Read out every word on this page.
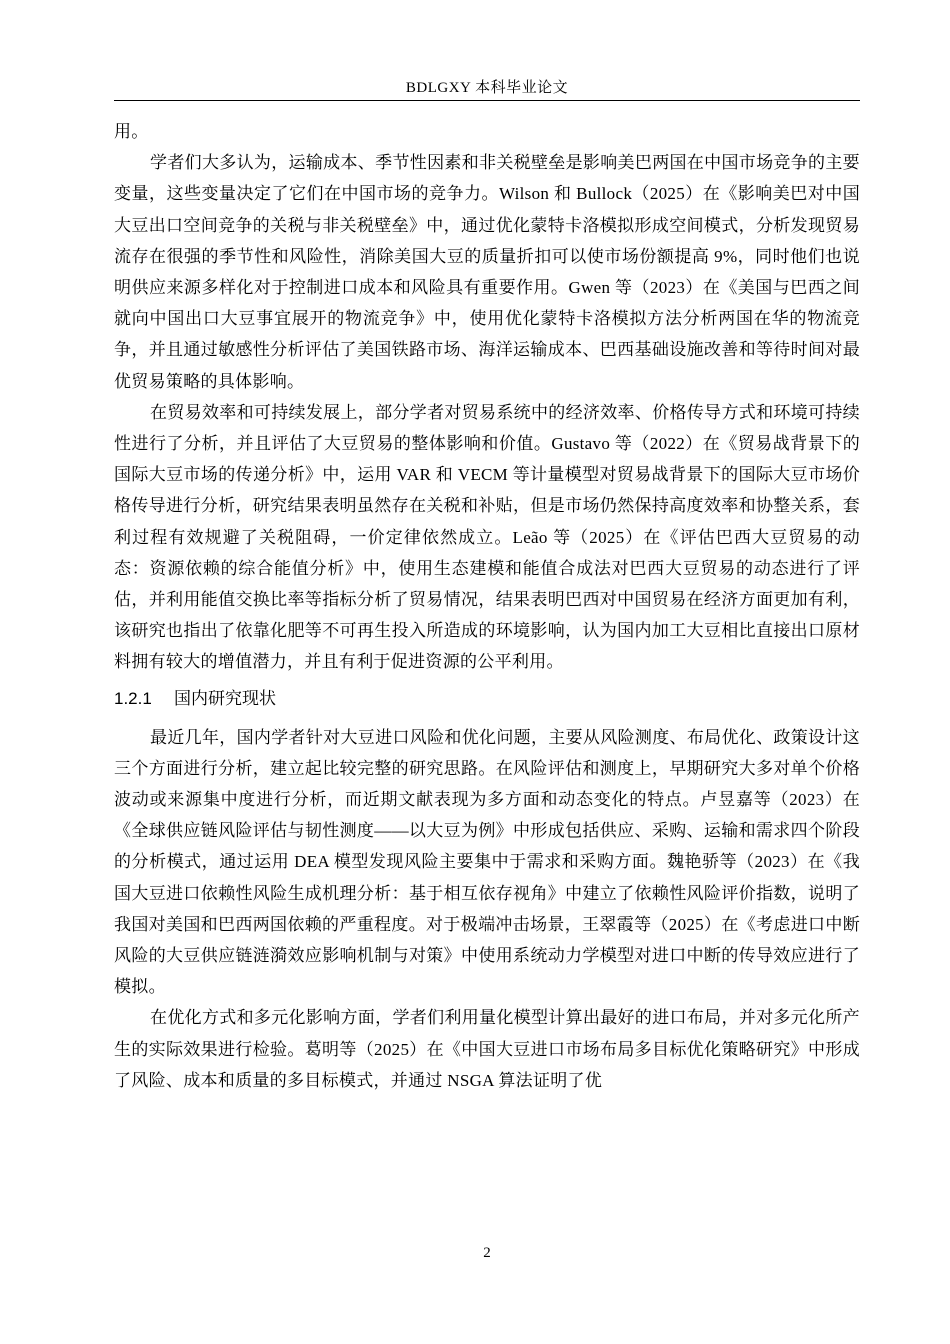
BDLGXY 本科毕业论文

用。

学者们大多认为，运输成本、季节性因素和非关税壁垒是影响美巴两国在中国市场竞争的主要变量，这些变量决定了它们在中国市场的竞争力。Wilson 和 Bullock（2025）在《影响美巴对中国大豆出口空间竞争的关税与非关税壁垒》中，通过优化蒙特卡洛模拟形成空间模式，分析发现贸易流存在很强的季节性和风险性，消除美国大豆的质量折扣可以使市场份额提高 9%，同时他们也说明供应来源多样化对于控制进口成本和风险具有重要作用。Gwen 等（2023）在《美国与巴西之间就向中国出口大豆事宜展开的物流竞争》中，使用优化蒙特卡洛模拟方法分析两国在华的物流竞争，并且通过敏感性分析评估了美国铁路市场、海洋运输成本、巴西基础设施改善和等待时间对最优贸易策略的具体影响。

在贸易效率和可持续发展上，部分学者对贸易系统中的经济效率、价格传导方式和环境可持续性进行了分析，并且评估了大豆贸易的整体影响和价值。Gustavo 等（2022）在《贸易战背景下的国际大豆市场的传递分析》中，运用 VAR 和 VECM 等计量模型对贸易战背景下的国际大豆市场价格传导进行分析，研究结果表明虽然存在关税和补贴，但是市场仍然保持高度效率和协整关系，套利过程有效规避了关税阻碍，一价定律依然成立。Leão 等（2025）在《评估巴西大豆贸易的动态：资源依赖的综合能值分析》中，使用生态建模和能值合成法对巴西大豆贸易的动态进行了评估，并利用能值交换比率等指标分析了贸易情况，结果表明巴西对中国贸易在经济方面更加有利，该研究也指出了依靠化肥等不可再生投入所造成的环境影响，认为国内加工大豆相比直接出口原材料拥有较大的增值潜力，并且有利于促进资源的公平利用。

1.2.1 国内研究现状

最近几年，国内学者针对大豆进口风险和优化问题，主要从风险测度、布局优化、政策设计这三个方面进行分析，建立起比较完整的研究思路。在风险评估和测度上，早期研究大多对单个价格波动或来源集中度进行分析，而近期文献表现为多方面和动态变化的特点。卢昱嘉等（2023）在《全球供应链风险评估与韧性测度——以大豆为例》中形成包括供应、采购、运输和需求四个阶段的分析模式，通过运用 DEA 模型发现风险主要集中于需求和采购方面。魏艳骄等（2023）在《我国大豆进口依赖性风险生成机理分析：基于相互依存视角》中建立了依赖性风险评价指数，说明了我国对美国和巴西两国依赖的严重程度。对于极端冲击场景，王翠霞等（2025）在《考虑进口中断风险的大豆供应链涟漪效应影响机制与对策》中使用系统动力学模型对进口中断的传导效应进行了模拟。

在优化方式和多元化影响方面，学者们利用量化模型计算出最好的进口布局，并对多元化所产生的实际效果进行检验。葛明等（2025）在《中国大豆进口市场布局多目标优化策略研究》中形成了风险、成本和质量的多目标模式，并通过 NSGA 算法证明了优

2
